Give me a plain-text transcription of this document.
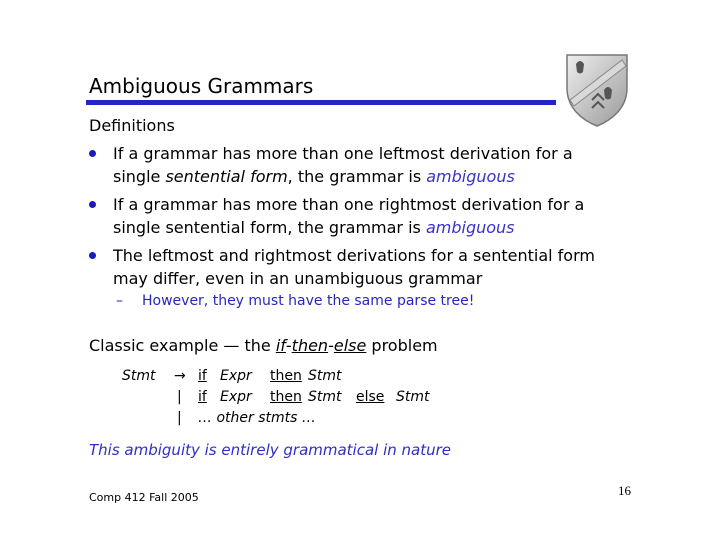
Ambiguous Grammars
Definitions
If a grammar has more than one leftmost derivation for a single sentential form, the grammar is ambiguous
If a grammar has more than one rightmost derivation for a single sentential form, the grammar is ambiguous
The leftmost and rightmost derivations for a sentential form may differ, even in an unambiguous grammar
– However, they must have the same parse tree!
Classic example — the if-then-else problem
Stmt → if Expr then Stmt
| if Expr then Stmt else Stmt
| … other stmts …
This ambiguity is entirely grammatical in nature
16
Comp 412 Fall 2005
